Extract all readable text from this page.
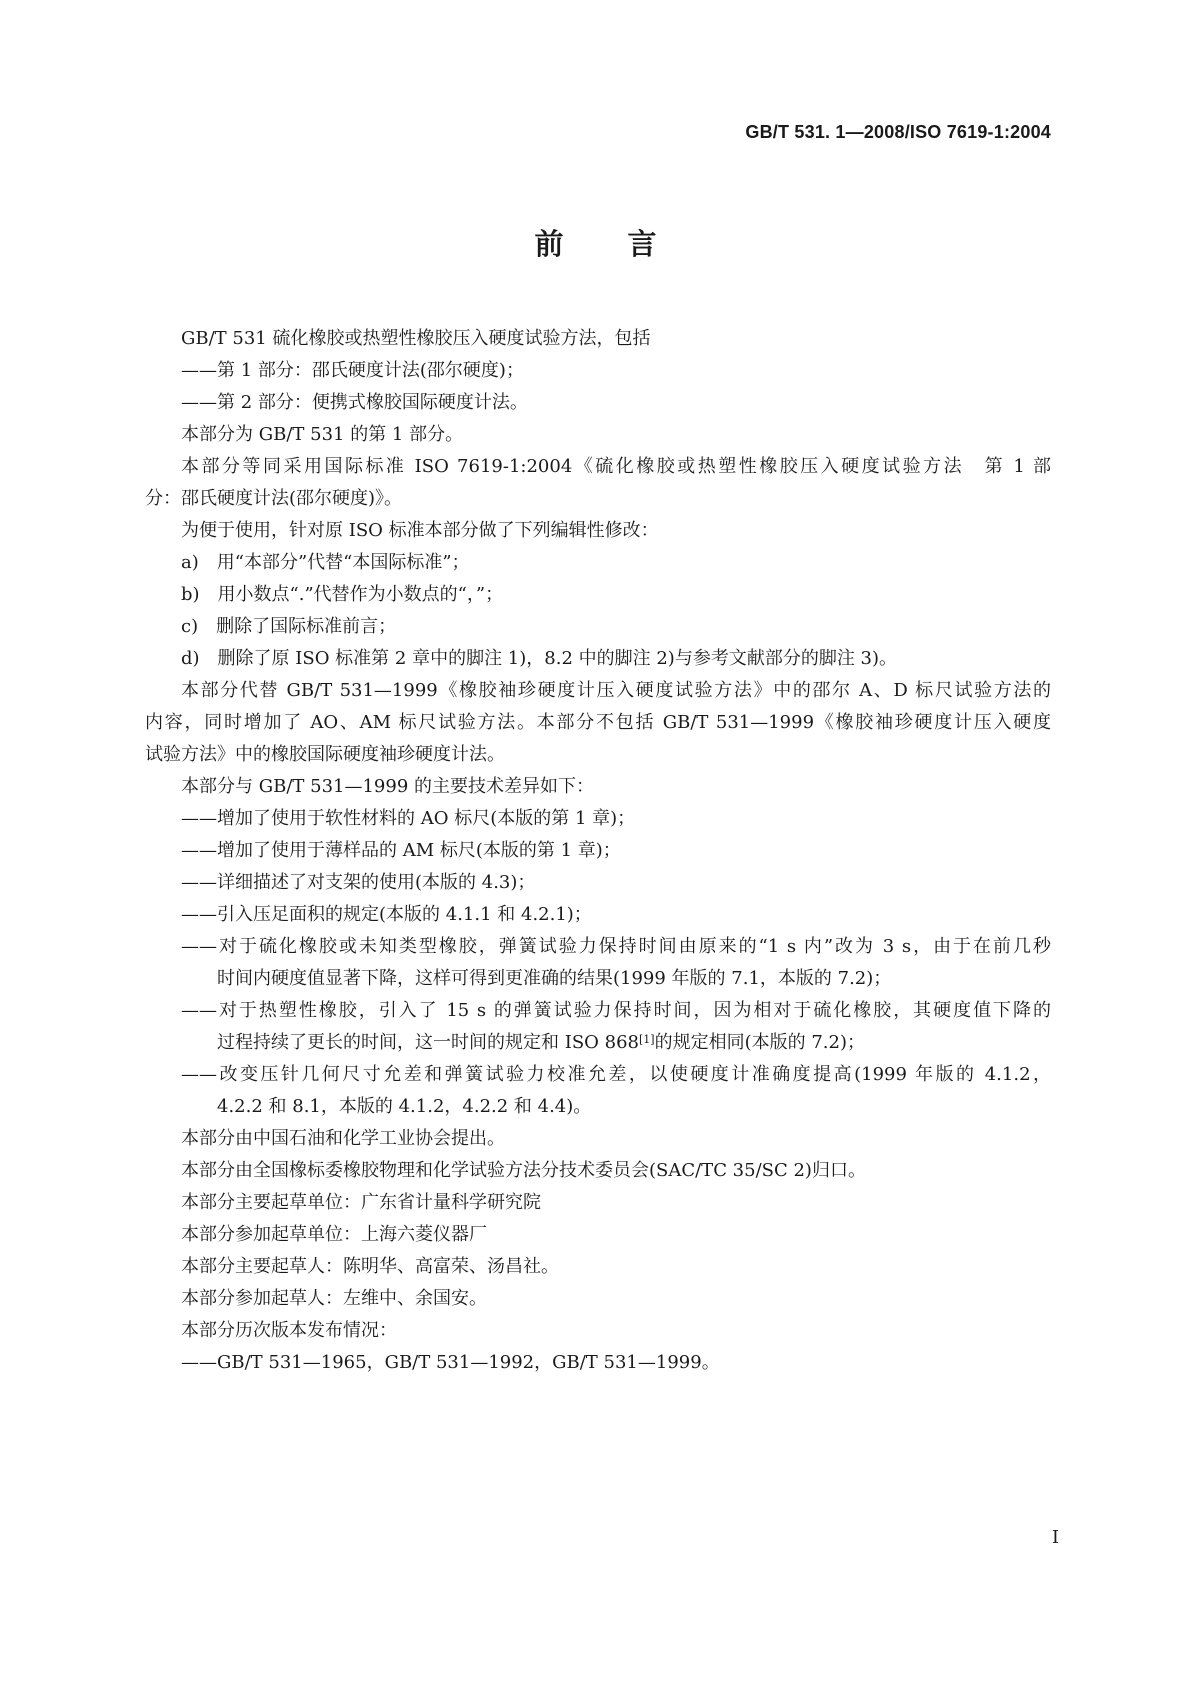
GB/T 531. 1—2008/ISO 7619-1:2004
前言
GB/T 531 硫化橡胶或热塑性橡胶压入硬度试验方法，包括
——第 1 部分：邵氏硬度计法(邵尔硬度)；
——第 2 部分：便携式橡胶国际硬度计法。
本部分为 GB/T 531 的第 1 部分。
本部分等同采用国际标准 ISO 7619-1:2004《硫化橡胶或热塑性橡胶压入硬度试验方法　第 1 部
分：邵氏硬度计法(邵尔硬度)》。
为便于使用，针对原 ISO 标准本部分做了下列编辑性修改：
a)　用“本部分”代替“本国际标准”；
b)　用小数点“.”代替作为小数点的“，”；
c)　删除了国际标准前言；
d)　删除了原 ISO 标准第 2 章中的脚注 1)，8.2 中的脚注 2)与参考文献部分的脚注 3)。
本部分代替 GB/T 531—1999《橡胶袖珍硬度计压入硬度试验方法》中的邵尔 A、D 标尺试验方法的
内容，同时增加了 AO、AM 标尺试验方法。本部分不包括 GB/T 531—1999《橡胶袖珍硬度计压入硬度
试验方法》中的橡胶国际硬度袖珍硬度计法。
本部分与 GB/T 531—1999 的主要技术差异如下：
——增加了使用于软性材料的 AO 标尺(本版的第 1 章)；
——增加了使用于薄样品的 AM 标尺(本版的第 1 章)；
——详细描述了对支架的使用(本版的 4.3)；
——引入压足面积的规定(本版的 4.1.1 和 4.2.1)；
——对于硫化橡胶或未知类型橡胶，弹簧试验力保持时间由原来的“1 s 内”改为 3 s，由于在前几秒
时间内硬度值显著下降，这样可得到更准确的结果(1999 年版的 7.1，本版的 7.2)；
——对于热塑性橡胶，引入了 15 s 的弹簧试验力保持时间，因为相对于硫化橡胶，其硬度值下降的
过程持续了更长的时间，这一时间的规定和 ISO 868[1]的规定相同(本版的 7.2)；
——改变压针几何尺寸允差和弹簧试验力校准允差，以使硬度计准确度提高(1999 年版的 4.1.2，
4.2.2 和 8.1，本版的 4.1.2，4.2.2 和 4.4)。
本部分由中国石油和化学工业协会提出。
本部分由全国橡标委橡胶物理和化学试验方法分技术委员会(SAC/TC 35/SC 2)归口。
本部分主要起草单位：广东省计量科学研究院
本部分参加起草单位：上海六菱仪器厂
本部分主要起草人：陈明华、高富荣、汤昌社。
本部分参加起草人：左维中、余国安。
本部分历次版本发布情况：
——GB/T 531—1965，GB/T 531—1992，GB/T 531—1999。
I
